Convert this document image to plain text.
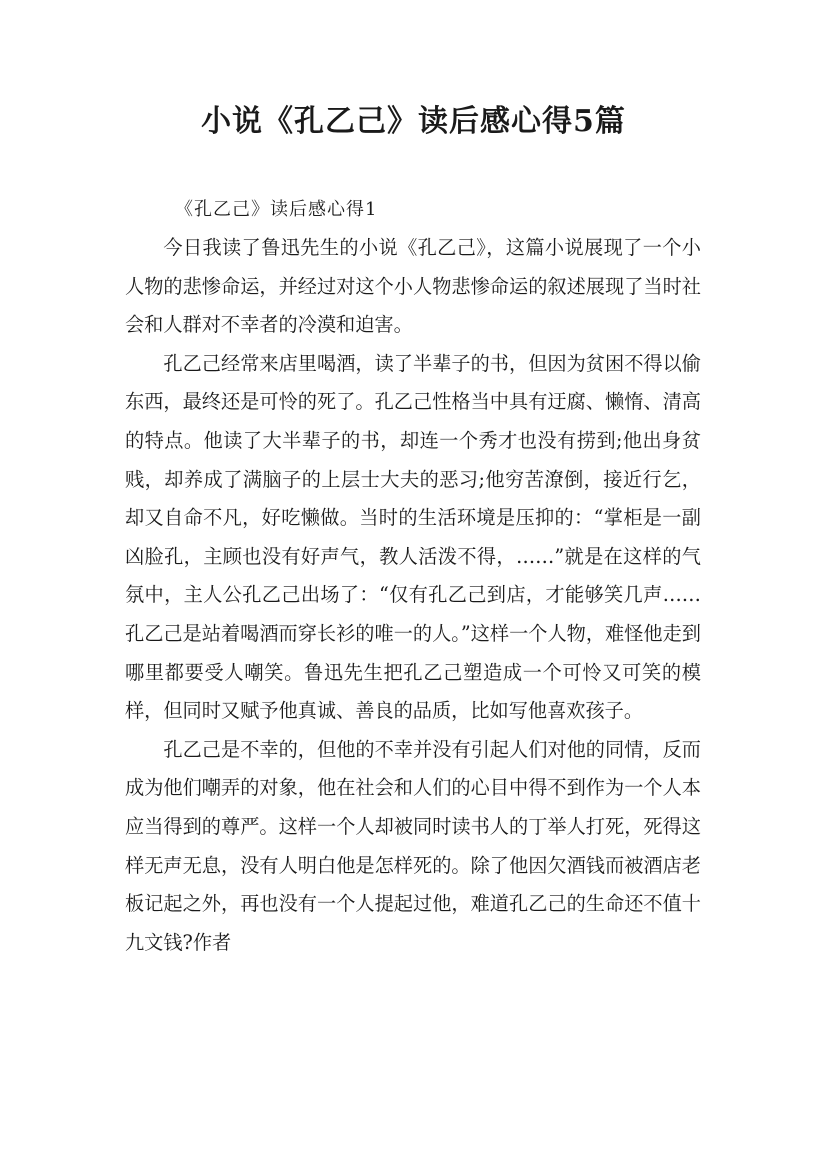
小说《孔乙己》读后感心得5篇
《孔乙己》读后感心得1

今日我读了鲁迅先生的小说《孔乙己》，这篇小说展现了一个小人物的悲惨命运，并经过对这个小人物悲惨命运的叙述展现了当时社会和人群对不幸者的冷漠和迫害。

孔乙己经常来店里喝酒，读了半辈子的书，但因为贫困不得以偷东西，最终还是可怜的死了。孔乙己性格当中具有迂腐、懒惰、清高的特点。他读了大半辈子的书，却连一个秀才也没有捞到;他出身贫贱，却养成了满脑子的上层士大夫的恶习;他穷苦潦倒，接近行乞，却又自命不凡，好吃懒做。当时的生活环境是压抑的：“掌柜是一副凶脸孔，主顾也没有好声气，教人活泼不得，……”就是在这样的气氛中，主人公孔乙己出场了：“仅有孔乙己到店，才能够笑几声……孔乙己是站着喝酒而穿长衫的唯一的人。”这样一个人物，难怪他走到哪里都要受人嘲笑。鲁迅先生把孔乙己塑造成一个可怜又可笑的模样，但同时又赋予他真诚、善良的品质，比如写他喜欢孩子。

孔乙己是不幸的，但他的不幸并没有引起人们对他的同情，反而成为他们嘲弄的对象，他在社会和人们的心目中得不到作为一个人本应当得到的尊严。这样一个人却被同时读书人的丁举人打死，死得这样无声无息，没有人明白他是怎样死的。除了他因欠酒钱而被酒店老板记起之外，再也没有一个人提起过他，难道孔乙己的生命还不值十九文钱?作者
